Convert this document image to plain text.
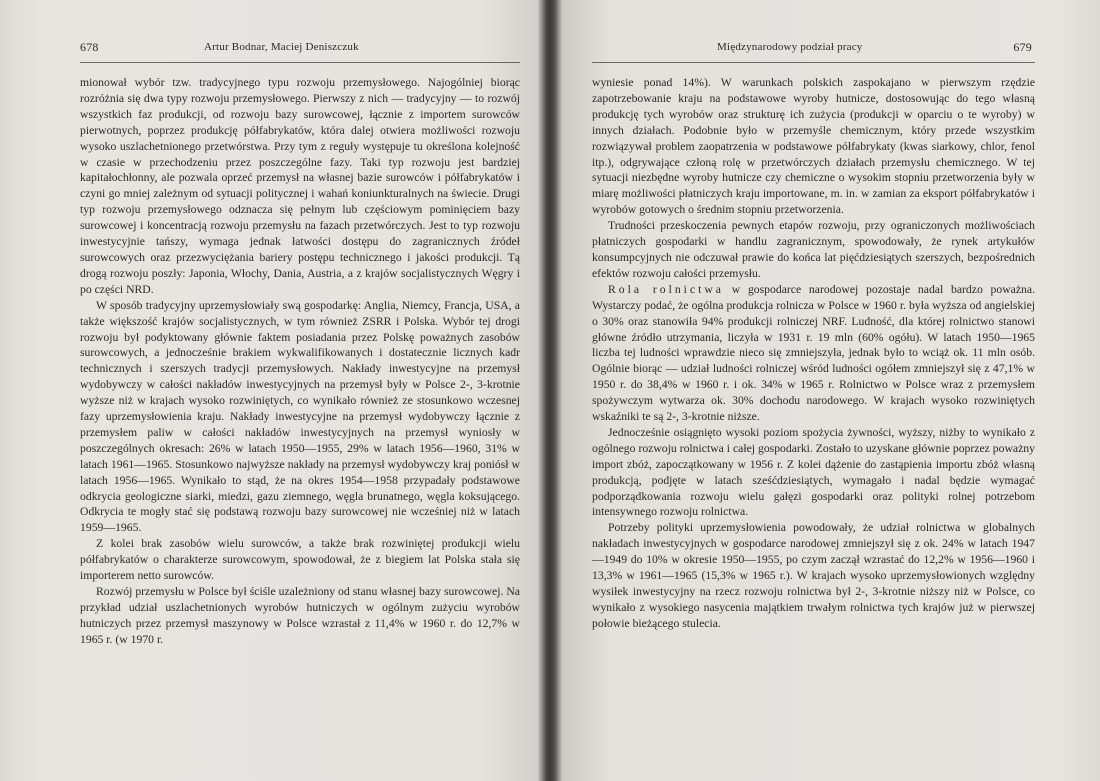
678	Artur Bodnar, Maciej Deniszczuk

mionował wybór tzw. tradycyjnego typu rozwoju przemysłowego. Najogólniej biorąc rozróżnia się dwa typy rozwoju przemysłowego. Pierwszy z nich — tradycyjny — to rozwój wszystkich faz produkcji, od rozwoju bazy surowcowej, łącznie z importem surowców pierwotnych, poprzez produkcję półfabrykatów, która dalej otwiera możliwości rozwoju wysoko uszlachetnionego przetwórstwa. Przy tym z reguły występuje tu określona kolejność w czasie w przechodzeniu przez poszczególne fazy. Taki typ rozwoju jest bardziej kapitałochłonny, ale pozwala oprzeć przemysł na własnej bazie surowców i półfabrykatów i czyni go mniej zależnym od sytuacji politycznej i wahań koniunkturalnych na świecie. Drugi typ rozwoju przemysłowego odznacza się pełnym lub częściowym pominięciem bazy surowcowej i koncentracją rozwoju przemysłu na fazach przetwórczych. Jest to typ rozwoju inwestycyjnie tańszy, wymaga jednak łatwości dostępu do zagranicznych źródeł surowcowych oraz przezwyciężania bariery postępu technicznego i jakości produkcji. Tą drogą rozwoju poszły: Japonia, Włochy, Dania, Austria, a z krajów socjalistycznych Węgry i po części NRD.

W sposób tradycyjny uprzemysłowiały swą gospodarkę: Anglia, Niemcy, Francja, USA, a także większość krajów socjalistycznych, w tym również ZSRR i Polska. Wybór tej drogi rozwoju był podyktowany głównie faktem posiadania przez Polskę poważnych zasobów surowcowych, a jednocześnie brakiem wykwalifikowanych i dostatecznie licznych kadr technicznych i szerszych tradycji przemysłowych. Nakłady inwestycyjne na przemysł wydobywczy w całości nakładów inwestycyjnych na przemysł były w Polsce 2-, 3-krotnie wyższe niż w krajach wysoko rozwiniętych, co wynikało również ze stosunkowo wczesnej fazy uprzemysłowienia kraju. Nakłady inwestycyjne na przemysł wydobywczy łącznie z przemysłem paliw w całości nakładów inwestycyjnych na przemysł wyniosły w poszczególnych okresach: 26% w latach 1950—1955, 29% w latach 1956—1960, 31% w latach 1961—1965. Stosunkowo najwyższe nakłady na przemysł wydobywczy kraj poniósł w latach 1956—1965. Wynikało to stąd, że na okres 1954—1958 przypadały podstawowe odkrycia geologiczne siarki, miedzi, gazu ziemnego, węgla brunatnego, węgla koksującego. Odkrycia te mogły stać się podstawą rozwoju bazy surowcowej nie wcześniej niż w latach 1959—1965.

Z kolei brak zasobów wielu surowców, a także brak rozwiniętej produkcji wielu półfabrykatów o charakterze surowcowym, spowodował, że z biegiem lat Polska stała się importerem netto surowców.

Rozwój przemysłu w Polsce był ściśle uzależniony od stanu własnej bazy surowcowej. Na przykład udział uszlachetnionych wyrobów hutniczych w ogólnym zużyciu wyrobów hutniczych przez przemysł maszynowy w Polsce wzrastał z 11,4% w 1960 r. do 12,7% w 1965 r. (w 1970 r.

Międzynarodowy podział pracy	679

wyniesie ponad 14%). W warunkach polskich zaspokajano w pierwszym rzędzie zapotrzebowanie kraju na podstawowe wyroby hutnicze, dostosowując do tego własną produkcję tych wyrobów oraz strukturę ich zużycia (produkcji w oparciu o te wyroby) w innych działach. Podobnie było w przemyśle chemicznym, który przede wszystkim rozwiązywał problem zaopatrzenia w podstawowe półfabrykaty (kwas siarkowy, chlor, fenol itp.), odgrywające członą rolę w przetwórczych działach przemysłu chemicznego. W tej sytuacji niezbędne wyroby hutnicze czy chemiczne o wysokim stopniu przetworzenia były w miarę możliwości płatniczych kraju importowane, m. in. w zamian za eksport półfabrykatów i wyrobów gotowych o średnim stopniu przetworzenia.

Trudności przeskoczenia pewnych etapów rozwoju, przy ograniczonych możliwościach płatniczych gospodarki w handlu zagranicznym, spowodowały, że rynek artykułów konsumpcyjnych nie odczuwał prawie do końca lat pięćdziesiątych szerszych, bezpośrednich efektów rozwoju całości przemysłu.

Rola rolnictwa w gospodarce narodowej pozostaje nadal bardzo poważna. Wystarczy podać, że ogólna produkcja rolnicza w Polsce w 1960 r. była wyższa od angielskiej o 30% oraz stanowiła 94% produkcji rolniczej NRF. Ludność, dla której rolnictwo stanowi główne źródło utrzymania, liczyła w 1931 r. 19 mln (60% ogółu). W latach 1950—1965 liczba tej ludności wprawdzie nieco się zmniejszyła, jednak było to wciąż ok. 11 mln osób. Ogólnie biorąc — udział ludności rolniczej wśród ludności ogółem zmniejszył się z 47,1% w 1950 r. do 38,4% w 1960 r. i ok. 34% w 1965 r. Rolnictwo w Polsce wraz z przemysłem spożywczym wytwarza ok. 30% dochodu narodowego. W krajach wysoko rozwiniętych wskaźniki te są 2-, 3-krotnie niższe.

Jednocześnie osiągnięto wysoki poziom spożycia żywności, wyższy, niżby to wynikało z ogólnego rozwoju rolnictwa i całej gospodarki. Zostało to uzyskane głównie poprzez poważny import zbóż, zapoczątkowany w 1956 r. Z kolei dążenie do zastąpienia importu zbóż własną produkcją, podjęte w latach sześćdziesiątych, wymagało i nadal będzie wymagać podporządkowania rozwoju wielu gałęzi gospodarki oraz polityki rolnej potrzebom intensywnego rozwoju rolnictwa.

Potrzeby polityki uprzemysłowienia powodowały, że udział rolnictwa w globalnych nakładach inwestycyjnych w gospodarce narodowej zmniejszył się z ok. 24% w latach 1947—1949 do 10% w okresie 1950—1955, po czym zaczął wzrastać do 12,2% w 1956—1960 i 13,3% w 1961—1965 (15,3% w 1965 r.). W krajach wysoko uprzemysłowionych względny wysiłek inwestycyjny na rzecz rozwoju rolnictwa był 2-, 3-krotnie niższy niż w Polsce, co wynikało z wysokiego nasycenia majątkiem trwałym rolnictwa tych krajów już w pierwszej połowie bieżącego stulecia.
